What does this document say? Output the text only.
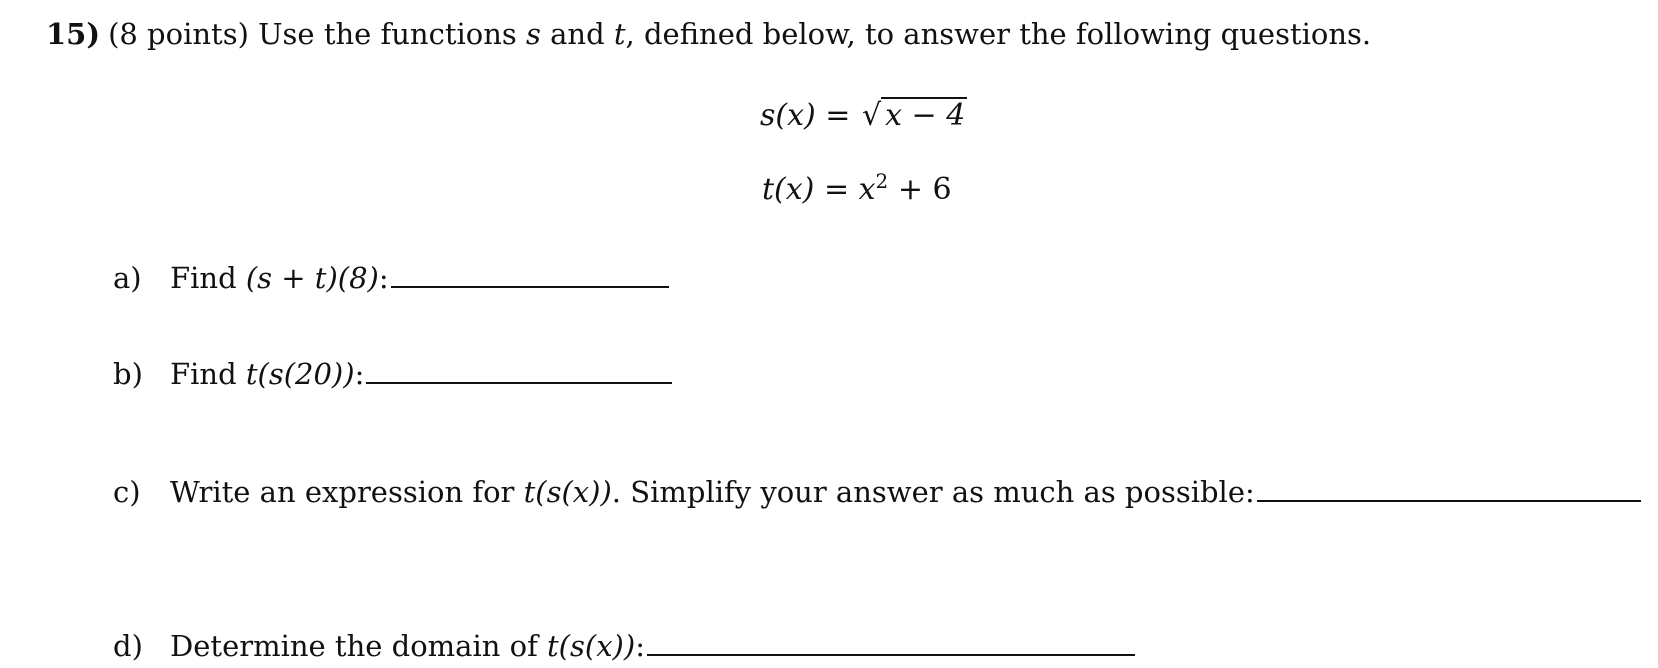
15) (8 points) Use the functions s and t, defined below, to answer the following questions.
s(x) = √ x − 4
$t(x) = x^2 + 6$
a) Find (s + t)(8):
b) Find t(s(20)):
c) Write an expression for t(s(x)). Simplify your answer as much as possible:
d) Determine the domain of t(s(x)):
